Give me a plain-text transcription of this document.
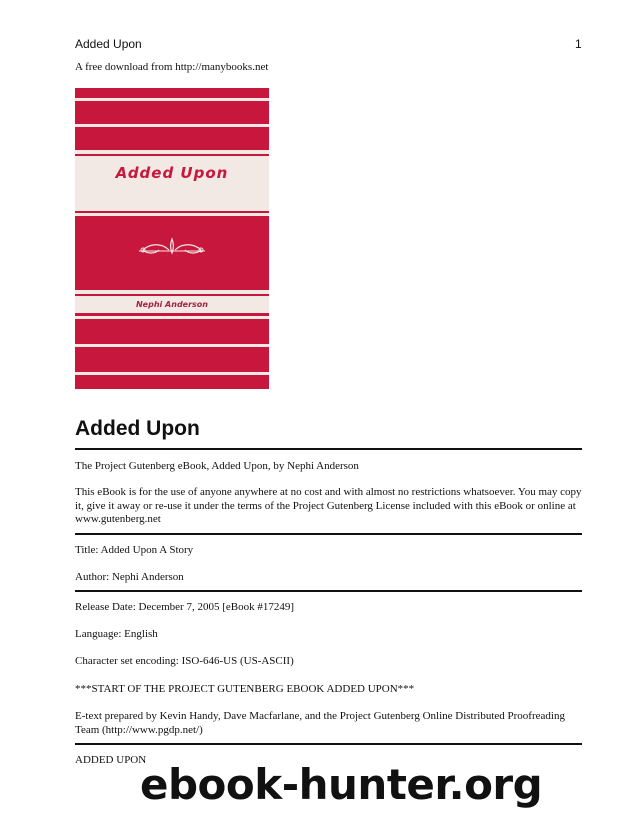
Added Upon	1
A free download from http://manybooks.net
Added Upon
Nephi Anderson
Added Upon
The Project Gutenberg eBook, Added Upon, by Nephi Anderson
This eBook is for the use of anyone anywhere at no cost and with almost no restrictions whatsoever. You may copy it, give it away or re-use it under the terms of the Project Gutenberg License included with this eBook or online at www.gutenberg.net
Title: Added Upon A Story
Author: Nephi Anderson
Release Date: December 7, 2005 [eBook #17249]
Language: English
Character set encoding: ISO-646-US (US-ASCII)
***START OF THE PROJECT GUTENBERG EBOOK ADDED UPON***
E-text prepared by Kevin Handy, Dave Macfarlane, and the Project Gutenberg Online Distributed Proofreading Team (http://www.pgdp.net/)
ADDED UPON
ebook-hunter.org
